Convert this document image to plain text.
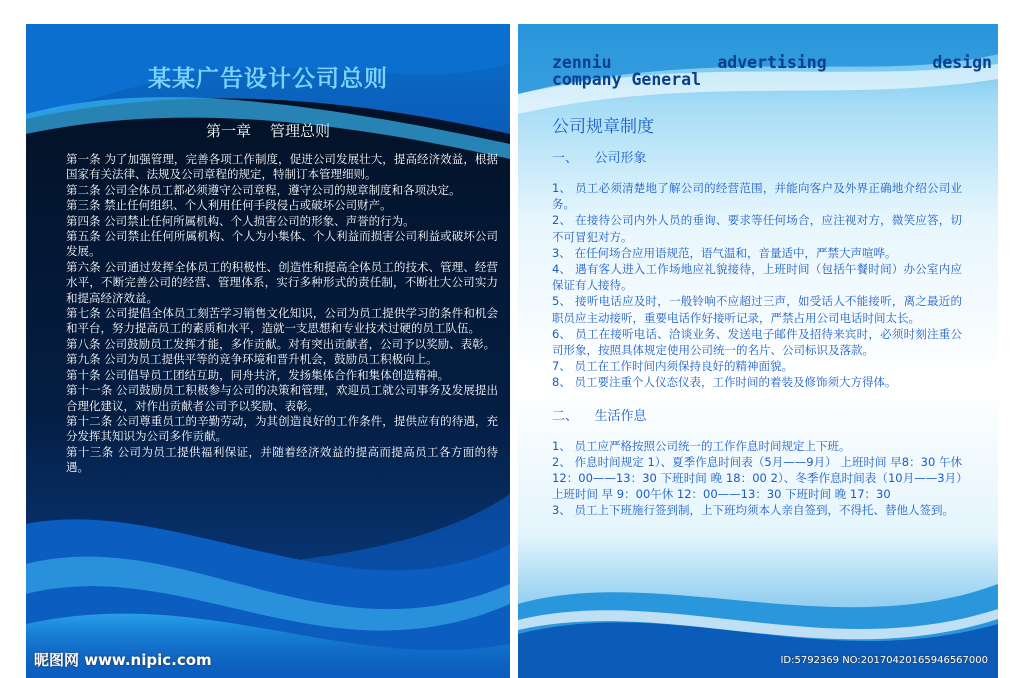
某某广告设计公司总则
第一章    管理总则

第一条 为了加强管理，完善各项工作制度，促进公司发展壮大，提高经济效益，根据国家有关法律、法规及公司章程的规定，特制订本管理细则。

第二条 公司全体员工都必须遵守公司章程，遵守公司的规章制度和各项决定。

第三条 禁止任何组织、个人利用任何手段侵占或破坏公司财产。

第四条 公司禁止任何所属机构、个人损害公司的形象、声誉的行为。

第五条 公司禁止任何所属机构、个人为小集体、个人利益而损害公司利益或破坏公司发展。

第六条 公司通过发挥全体员工的积极性、创造性和提高全体员工的技术、管理、经营水平，不断完善公司的经营、管理体系，实行多种形式的责任制，不断壮大公司实力和提高经济效益。

第七条 公司提倡全体员工刻苦学习销售文化知识，公司为员工提供学习的条件和机会和平台，努力提高员工的素质和水平，造就一支思想和专业技术过硬的员工队伍。

第八条 公司鼓励员工发挥才能，多作贡献。对有突出贡献者，公司予以奖励、表彰。

第九条 公司为员工提供平等的竞争环境和晋升机会，鼓励员工积极向上。

第十条 公司倡导员工团结互助，同舟共济，发扬集体合作和集体创造精神。

第十一条 公司鼓励员工积极参与公司的决策和管理，欢迎员工就公司事务及发展提出合理化建议，对作出贡献者公司予以奖励、表彰。

第十二条 公司尊重员工的辛勤劳动，为其创造良好的工作条件，提供应有的待遇，充分发挥其知识为公司多作贡献。

第十三条 公司为员工提供福利保证，并随着经济效益的提高而提高员工各方面的待遇。

昵图网 www.nipic.com
zenniu	advertising	design
company General
公司规章制度
一、    公司形象

1、 员工必须清楚地了解公司的经营范围，并能向客户及外界正确地介绍公司业务。

2、 在接待公司内外人员的垂询、要求等任何场合，应注视对方，微笑应答，切不可冒犯对方。

3、 在任何场合应用语规范，语气温和，音量适中，严禁大声喧哗。

4、 遇有客人进入工作场地应礼貌接待，上班时间（包括午餐时间）办公室内应保证有人接待。

5、 接听电话应及时，一般铃响不应超过三声，如受话人不能接听，离之最近的职员应主动接听，重要电话作好接听记录，严禁占用公司电话时间太长。

6、 员工在接听电话、洽谈业务、发送电子邮件及招待来宾时，必须时刻注重公司形象，按照具体规定使用公司统一的名片、公司标识及落款。

7、 员工在工作时间内须保持良好的精神面貌。

8、 员工要注重个人仪态仪表，工作时间的着装及修饰须大方得体。

二、    生活作息

1、 员工应严格按照公司统一的工作作息时间规定上下班。

2、 作息时间规定 1）、夏季作息时间表（5月——9月） 上班时间 早8：30 午休 12：00——13：30 下班时间 晚 18：00 2）、冬季作息时间表（10月——3月）上班时间 早 9：00午休 12：00——13：30 下班时间 晚 17：30

3、 员工上下班施行签到制，上下班均须本人亲自签到，不得托、替他人签到。

ID:5792369 NO:20170420165946567000
